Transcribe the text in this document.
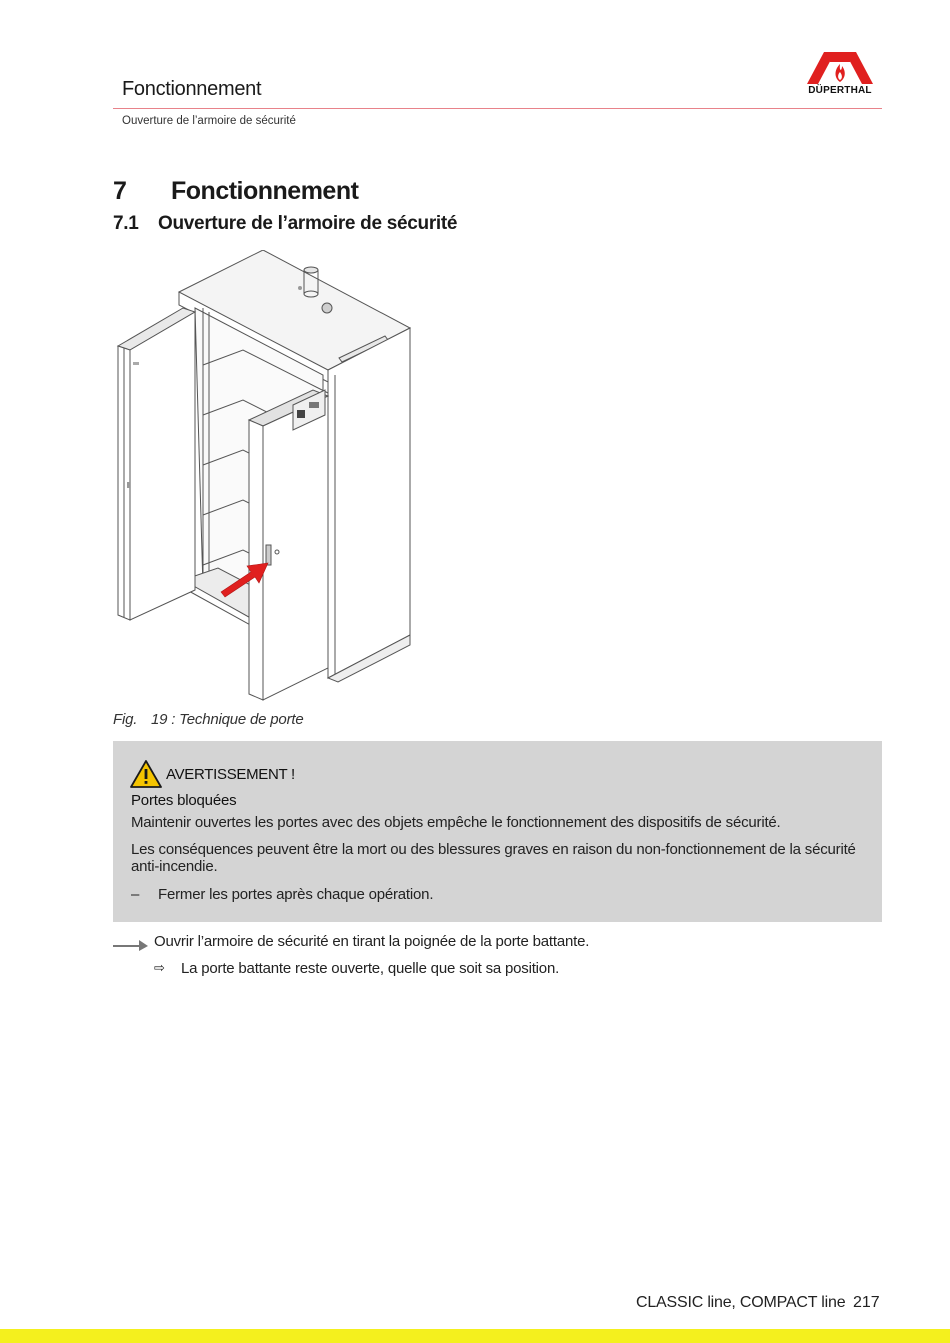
Fonctionnement
Ouverture de l’armoire de sécurité
DÜPERTHAL
7 Fonctionnement
7.1 Ouverture de l’armoire de sécurité
Fig. 19 : Technique de porte
AVERTISSEMENT !
Portes bloquées
Maintenir ouvertes les portes avec des objets empêche le fonctionnement des dispositifs de sécurité.
Les conséquences peuvent être la mort ou des blessures graves en raison du non-fonctionnement de la sécurité anti-incendie.
– Fermer les portes après chaque opération.
Ouvrir l’armoire de sécurité en tirant la poignée de la porte battante.
⇨ La porte battante reste ouverte, quelle que soit sa position.
CLASSIC line, COMPACT line 217
